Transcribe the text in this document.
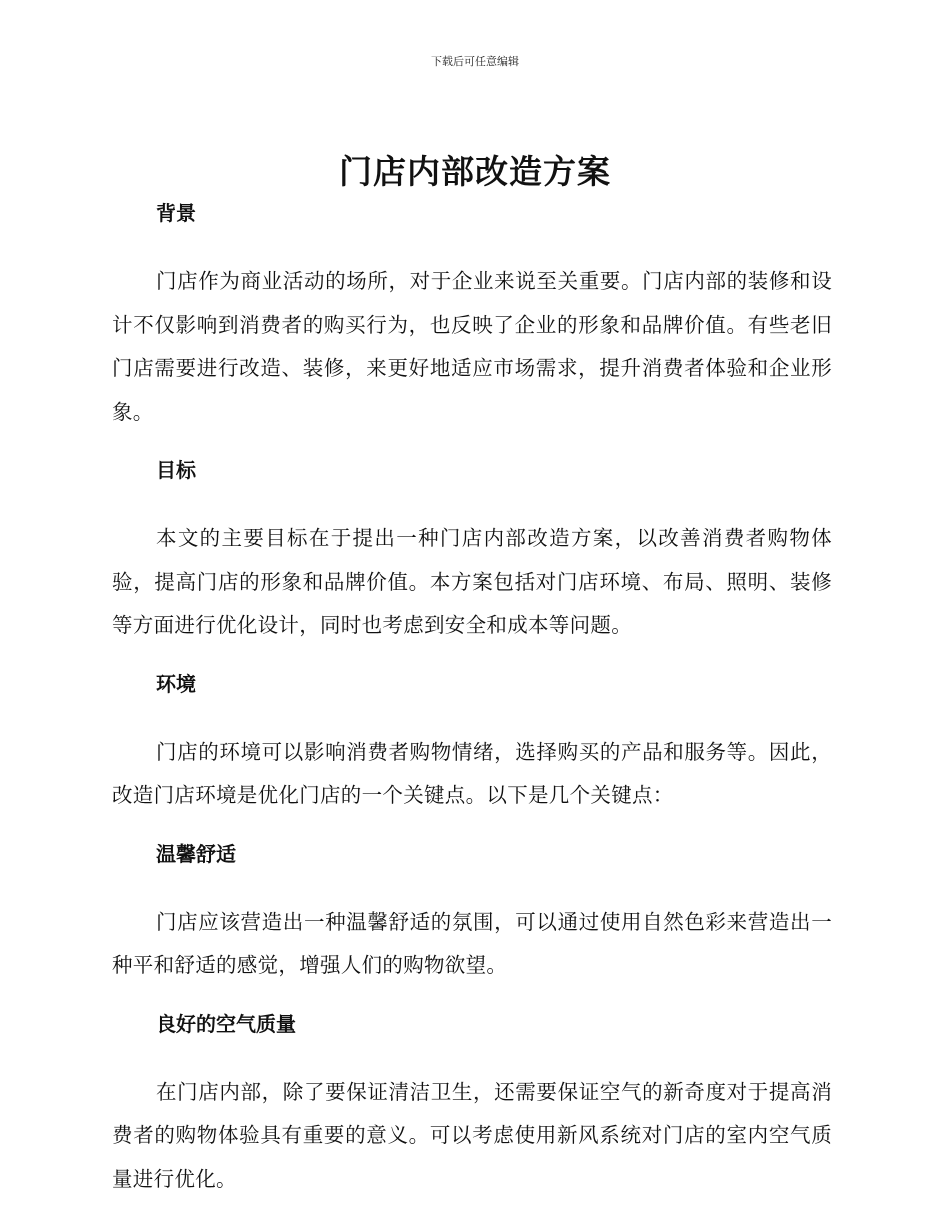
下载后可任意编辑
门店内部改造方案
背景

门店作为商业活动的场所，对于企业来说至关重要。门店内部的装修和设计不仅影响到消费者的购买行为，也反映了企业的形象和品牌价值。有些老旧门店需要进行改造、装修，来更好地适应市场需求，提升消费者体验和企业形象。

目标

本文的主要目标在于提出一种门店内部改造方案，以改善消费者购物体验，提高门店的形象和品牌价值。本方案包括对门店环境、布局、照明、装修等方面进行优化设计，同时也考虑到安全和成本等问题。

环境

门店的环境可以影响消费者购物情绪，选择购买的产品和服务等。因此，改造门店环境是优化门店的一个关键点。以下是几个关键点：

温馨舒适

门店应该营造出一种温馨舒适的氛围，可以通过使用自然色彩来营造出一种平和舒适的感觉，增强人们的购物欲望。

良好的空气质量

在门店内部，除了要保证清洁卫生，还需要保证空气的新奇度对于提高消费者的购物体验具有重要的意义。可以考虑使用新风系统对门店的室内空气质量进行优化。
